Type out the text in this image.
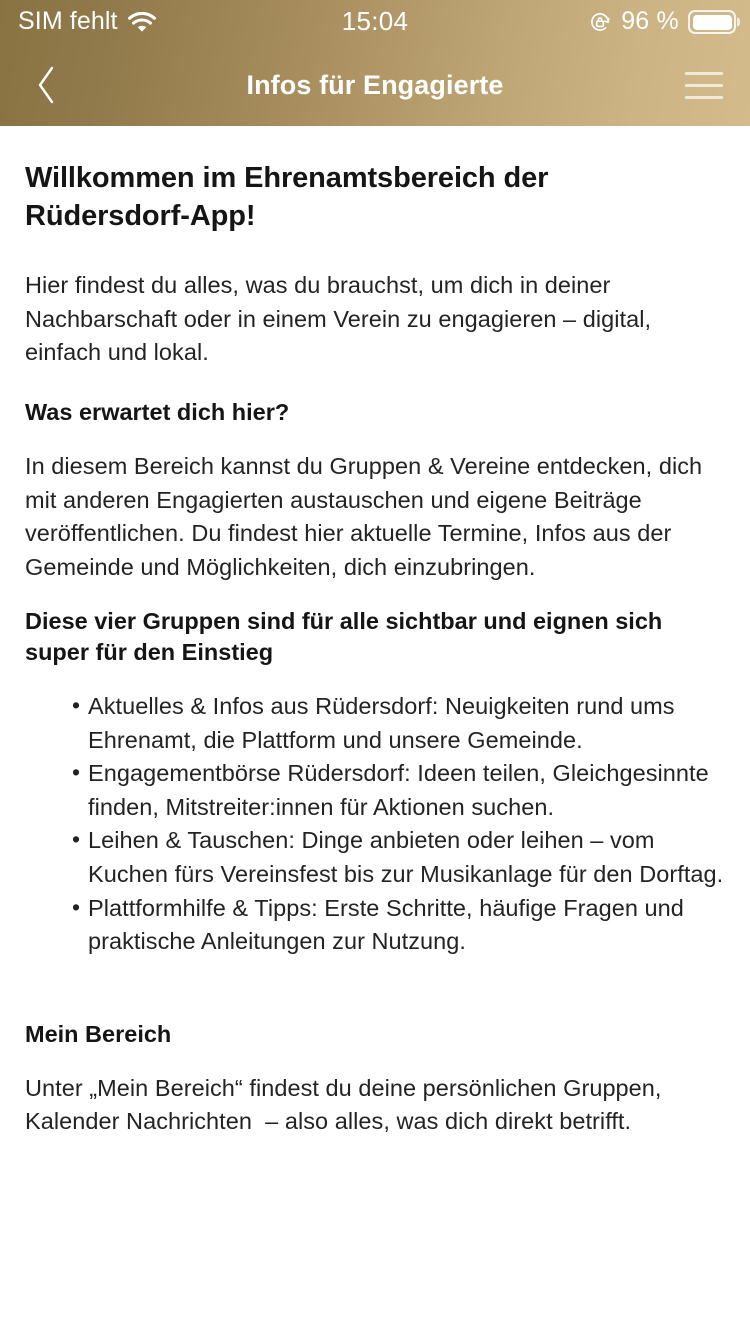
SIM fehlt	15:04	96 %
Infos für Engagierte
Willkommen im Ehrenamtsbereich der Rüdersdorf-App!

Hier findest du alles, was du brauchst, um dich in deiner Nachbarschaft oder in einem Verein zu engagieren – digital, einfach und lokal.

Was erwartet dich hier?

In diesem Bereich kannst du Gruppen & Vereine entdecken, dich mit anderen Engagierten austauschen und eigene Beiträge veröffentlichen. Du findest hier aktuelle Termine, Infos aus der Gemeinde und Möglichkeiten, dich einzubringen.

Diese vier Gruppen sind für alle sichtbar und eignen sich super für den Einstieg
• Aktuelles & Infos aus Rüdersdorf: Neuigkeiten rund ums Ehrenamt, die Plattform und unsere Gemeinde.
• Engagementbörse Rüdersdorf: Ideen teilen, Gleichgesinnte finden, Mitstreiter:innen für Aktionen suchen.
• Leihen & Tauschen: Dinge anbieten oder leihen – vom Kuchen fürs Vereinsfest bis zur Musikanlage für den Dorftag.
• Plattformhilfe & Tipps: Erste Schritte, häufige Fragen und praktische Anleitungen zur Nutzung.
Mein Bereich

Unter „Mein Bereich“ findest du deine persönlichen Gruppen, Kalender Nachrichten  – also alles, was dich direkt betrifft.
